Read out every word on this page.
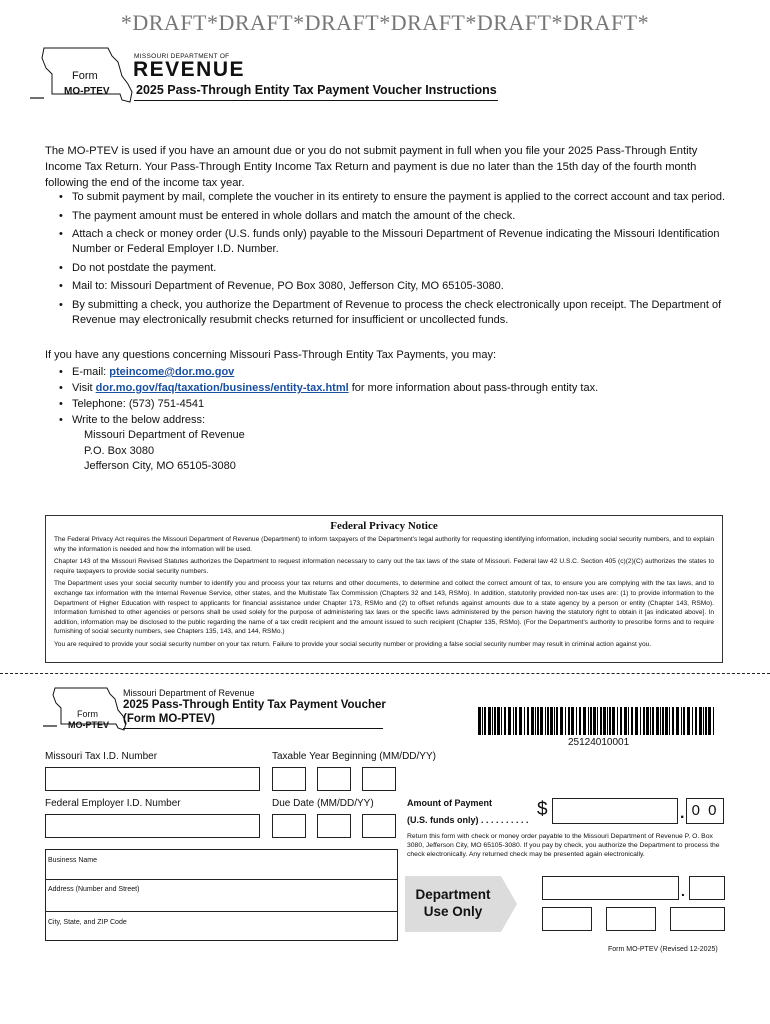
*DRAFT*DRAFT*DRAFT*DRAFT*DRAFT*DRAFT*
Form
MO-PTEV
MISSOURI DEPARTMENT OF
REVENUE
2025 Pass-Through Entity Tax Payment Voucher Instructions
The MO-PTEV is used if you have an amount due or you do not submit payment in full when you file your 2025 Pass-Through Entity Income Tax Return. Your Pass-Through Entity Income Tax Return and payment is due no later than the 15th day of the fourth month following the end of the income tax year.
• To submit payment by mail, complete the voucher in its entirety to ensure the payment is applied to the correct account and tax period.
• The payment amount must be entered in whole dollars and match the amount of the check.
• Attach a check or money order (U.S. funds only) payable to the Missouri Department of Revenue indicating the Missouri Identification Number or Federal Employer I.D. Number.
• Do not postdate the payment.
• Mail to: Missouri Department of Revenue, PO Box 3080, Jefferson City, MO 65105-3080.
• By submitting a check, you authorize the Department of Revenue to process the check electronically upon receipt. The Department of Revenue may electronically resubmit checks returned for insufficient or uncollected funds.
If you have any questions concerning Missouri Pass-Through Entity Tax Payments, you may:
• E-mail: pteincome@dor.mo.gov
• Visit dor.mo.gov/faq/taxation/business/entity-tax.html for more information about pass-through entity tax.
• Telephone: (573) 751-4541
• Write to the below address:
Missouri Department of Revenue
P.O. Box 3080
Jefferson City, MO 65105-3080
Federal Privacy Notice

The Federal Privacy Act requires the Missouri Department of Revenue (Department) to inform taxpayers of the Department's legal authority for requesting identifying information, including social security numbers, and to explain why the information is needed and how the information will be used.

Chapter 143 of the Missouri Revised Statutes authorizes the Department to request information necessary to carry out the tax laws of the state of Missouri. Federal law 42 U.S.C. Section 405 (c)(2)(C) authorizes the states to require taxpayers to provide social security numbers.

The Department uses your social security number to identify you and process your tax returns and other documents, to determine and collect the correct amount of tax, to ensure you are complying with the tax laws, and to exchange tax information with the Internal Revenue Service, other states, and the Multistate Tax Commission (Chapters 32 and 143, RSMo). In addition, statutorily provided non-tax uses are: (1) to provide information to the Department of Higher Education with respect to applicants for financial assistance under Chapter 173, RSMo and (2) to offset refunds against amounts due to a state agency by a person or entity (Chapter 143, RSMo). Information furnished to other agencies or persons shall be used solely for the purpose of administering tax laws or the specific laws administered by the person having the statutory right to obtain it [as indicated above]. In addition, information may be disclosed to the public regarding the name of a tax credit recipient and the amount issued to such recipient (Chapter 135, RSMo). (For the Department's authority to prescribe forms and to require furnishing of social security numbers, see Chapters 135, 143, and 144, RSMo.)

You are required to provide your social security number on your tax return. Failure to provide your social security number or providing a false social security number may result in criminal action against you.

Form
MO-PTEV
Missouri Department of Revenue
2025 Pass-Through Entity Tax Payment Voucher
(Form MO-PTEV)
25124010001
Missouri Tax I.D. Number	Taxable Year Beginning (MM/DD/YY)
Federal Employer I.D. Number	Due Date (MM/DD/YY)	Amount of Payment
(U.S. funds only) . . . . . . . . . . $	. 0 0
Return this form with check or money order payable to the Missouri Department of Revenue P. O. Box 3080, Jefferson City, MO 65105-3080. If you pay by check, you authorize the Department to process the check electronically. Any returned check may be presented again electronically.
Business Name
Address (Number and Street)
City, State, and ZIP Code
Department
Use Only
.
Form MO-PTEV (Revised 12-2025)
